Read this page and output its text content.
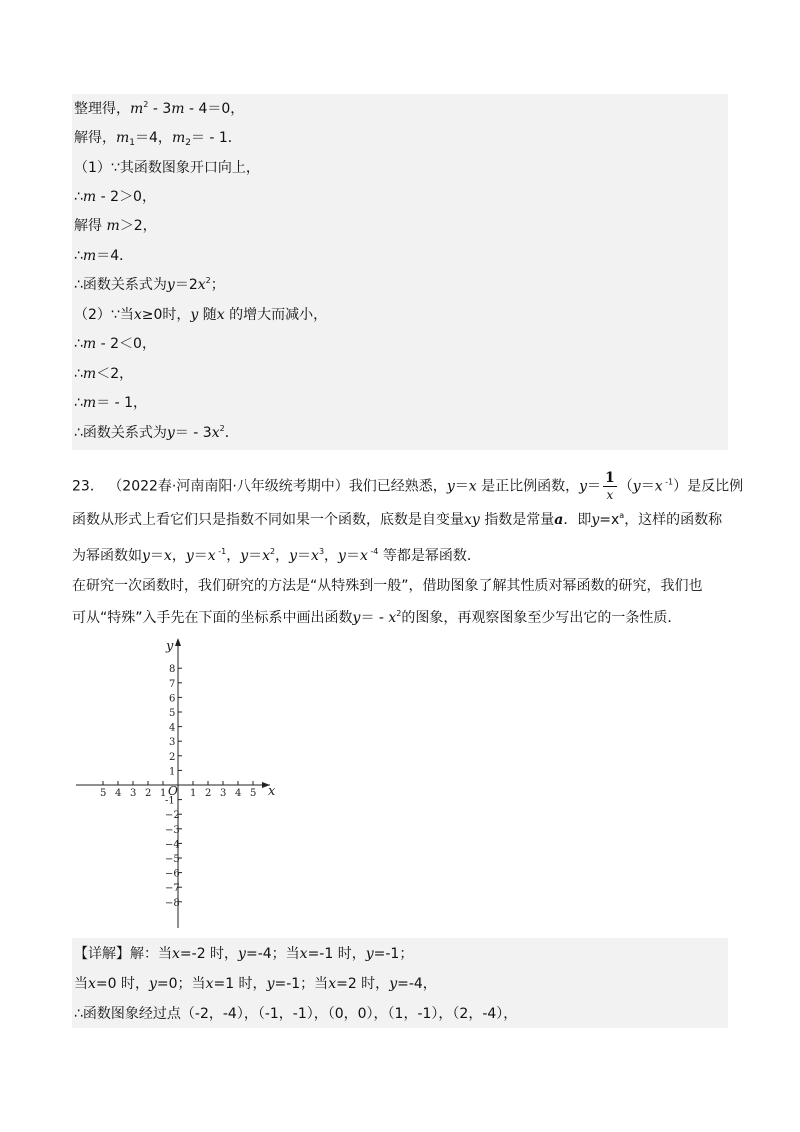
整理得，$m^2 - 3m - 4=0$，
解得，$m_1=4$，$m_2= - 1$．
（1）∵其函数图象开口向上，
∴m - 2＞0，
解得 m＞2，
∴m＝4．
∴函数关系式为$y=2x^2$；
（2）∵当x≥0时，y 随x 的增大而减小，
∴m - 2＜0，
∴m＜2，
∴m＝ - 1，
∴函数关系式为$y= - 3x^2$．
23． （2022春·河南南阳·八年级统考期中）我们已经熟悉，y＝x 是正比例函数，$y= \frac{1}{x} (y=x$ $^{-1}$）是反比例
函数从形式上看它们只是指数不同如果一个函数，底数是自变量xy 指数是常量a．即$y=x^a$，这样的函数称
为幂函数如y＝x，y＝x $^{-1}$，$y=x^2$，$y=x^3$，y＝x $^{-4}$ 等都是幂函数．
在研究一次函数时，我们研究的方法是“从特殊到一般”，借助图象了解其性质对幂函数的研究，我们也
可从“特殊”入手先在下面的坐标系中画出函数$y= - x^2$的图象，再观察图象至少写出它的一条性质．
x
y
O 1 2 3 4 5
1
2
3
4
5
1
2
3
4
5
6
7
8
-1
−2
−3
−4
−5
−6
−7
−8
【详解】解：当x=-2 时，y=-4；当x=-1 时，y=-1；
当x=0 时，y=0；当x=1 时，y=-1；当x=2 时，y=-4，
∴函数图象经过点（-2，-4），（-1，-1），（0，0），（1，-1），（2，-4），
